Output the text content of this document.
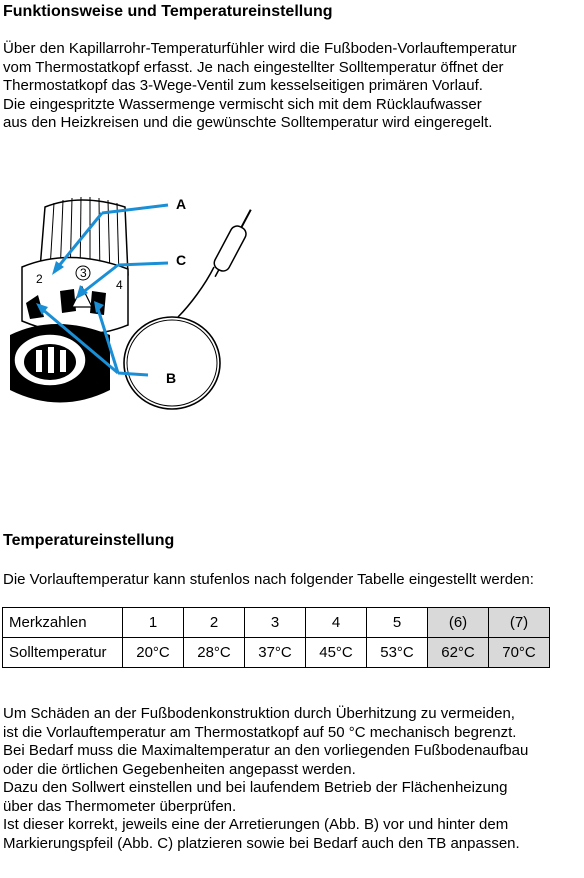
Funktionsweise und Temperatureinstellung

Über den Kapillarrohr-Temperaturfühler wird die Fußboden-Vorlauftemperatur
vom Thermostatkopf erfasst. Je nach eingestellter Solltemperatur öffnet der
Thermostatkopf das 3-Wege-Ventil zum kesselseitigen primären Vorlauf.
Die eingespritzte Wassermenge vermischt sich mit dem Rücklaufwasser
aus den Heizkreisen und die gewünschte Solltemperatur wird eingeregelt.

2	3
4
A
C
B
Temperatureinstellung

Die Vorlauftemperatur kann stufenlos nach folgender Tabelle eingestellt werden:

Merkzahlen	1	2	3	4	5	(6)	(7)
Solltemperatur	20°C	28°C	37°C	45°C	53°C	62°C	70°C

Um Schäden an der Fußbodenkonstruktion durch Überhitzung zu vermeiden,
ist die Vorlauftemperatur am Thermostatkopf auf 50 °C mechanisch begrenzt.
Bei Bedarf muss die Maximaltemperatur an den vorliegenden Fußbodenaufbau
oder die örtlichen Gegebenheiten angepasst werden.
Dazu den Sollwert einstellen und bei laufendem Betrieb der Flächenheizung
über das Thermometer überprüfen.
Ist dieser korrekt, jeweils eine der Arretierungen (Abb. B) vor und hinter dem
Markierungspfeil (Abb. C) platzieren sowie bei Bedarf auch den TB anpassen.
